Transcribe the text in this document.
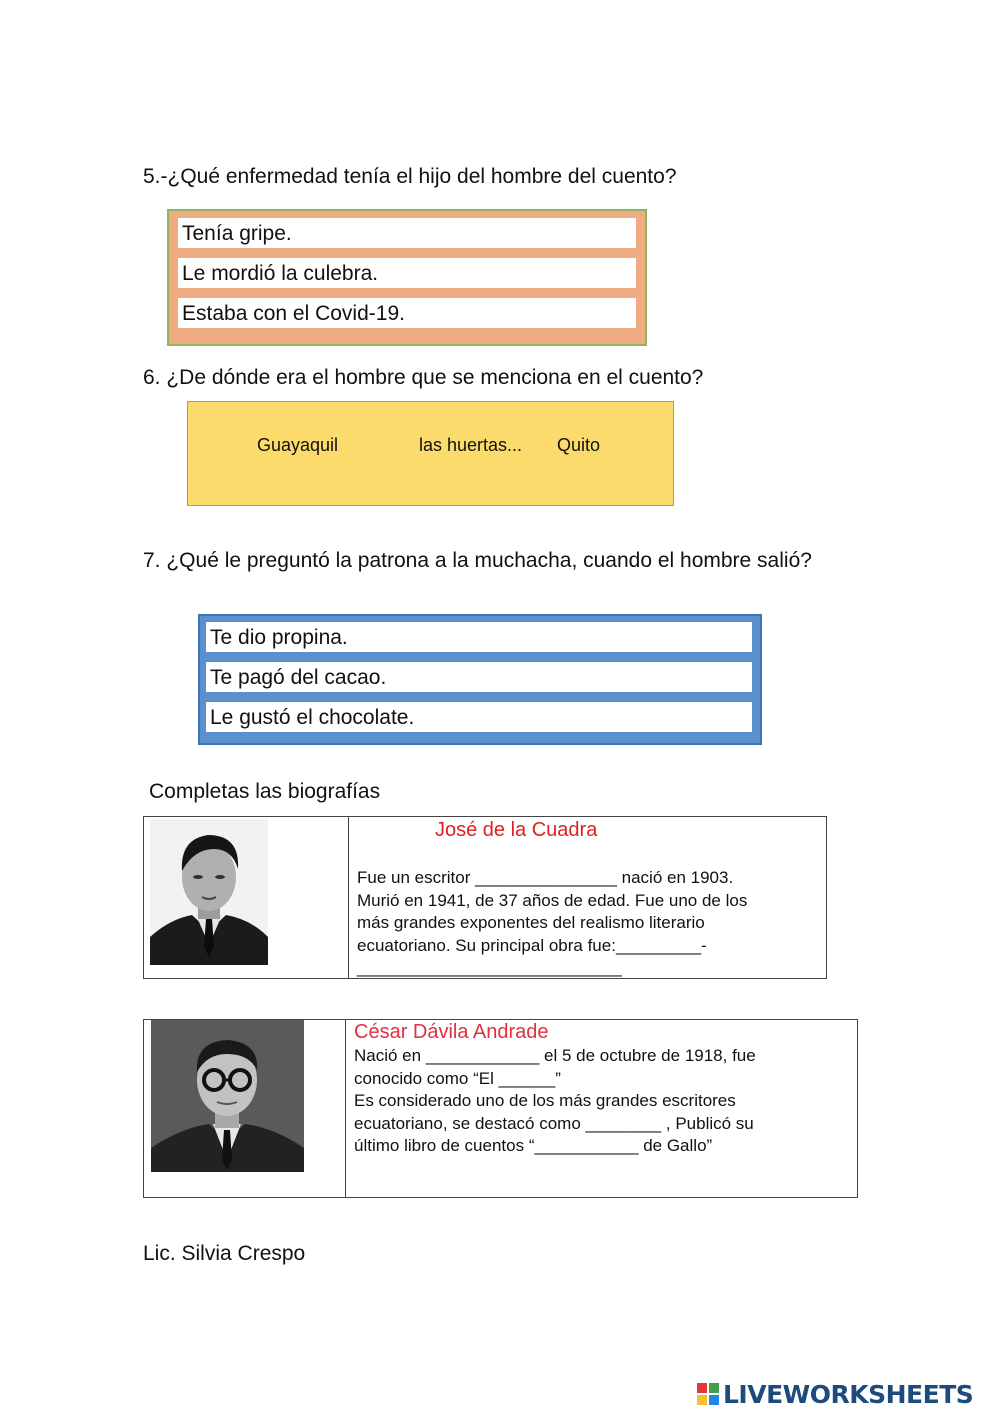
5.-¿Qué enfermedad tenía el hijo del hombre del cuento?
Tenía gripe.
Le mordió la culebra.
Estaba con el Covid-19.
6. ¿De dónde era el hombre que se menciona en el cuento?
Guayaquil	las huertas... Quito
7. ¿Qué le preguntó la patrona a la muchacha, cuando el hombre salió?
Te dio propina.
Te pagó del cacao.
Le gustó el chocolate.
Completas las biografías
José de la Cuadra

Fue un escritor _______________ nació en 1903.
Murió en 1941, de 37 años de edad. Fue uno de los
más grandes exponentes del realismo literario
ecuatoriano. Su principal obra fue:_________-
____________________________

César Dávila Andrade

Nació en ____________ el 5 de octubre de 1918, fue
conocido como “El ______”
Es considerado uno de los más grandes escritores
ecuatoriano, se destacó como ________ , Publicó su
último libro de cuentos “___________ de Gallo”

Lic. Silvia Crespo
LIVEWORKSHEETS
